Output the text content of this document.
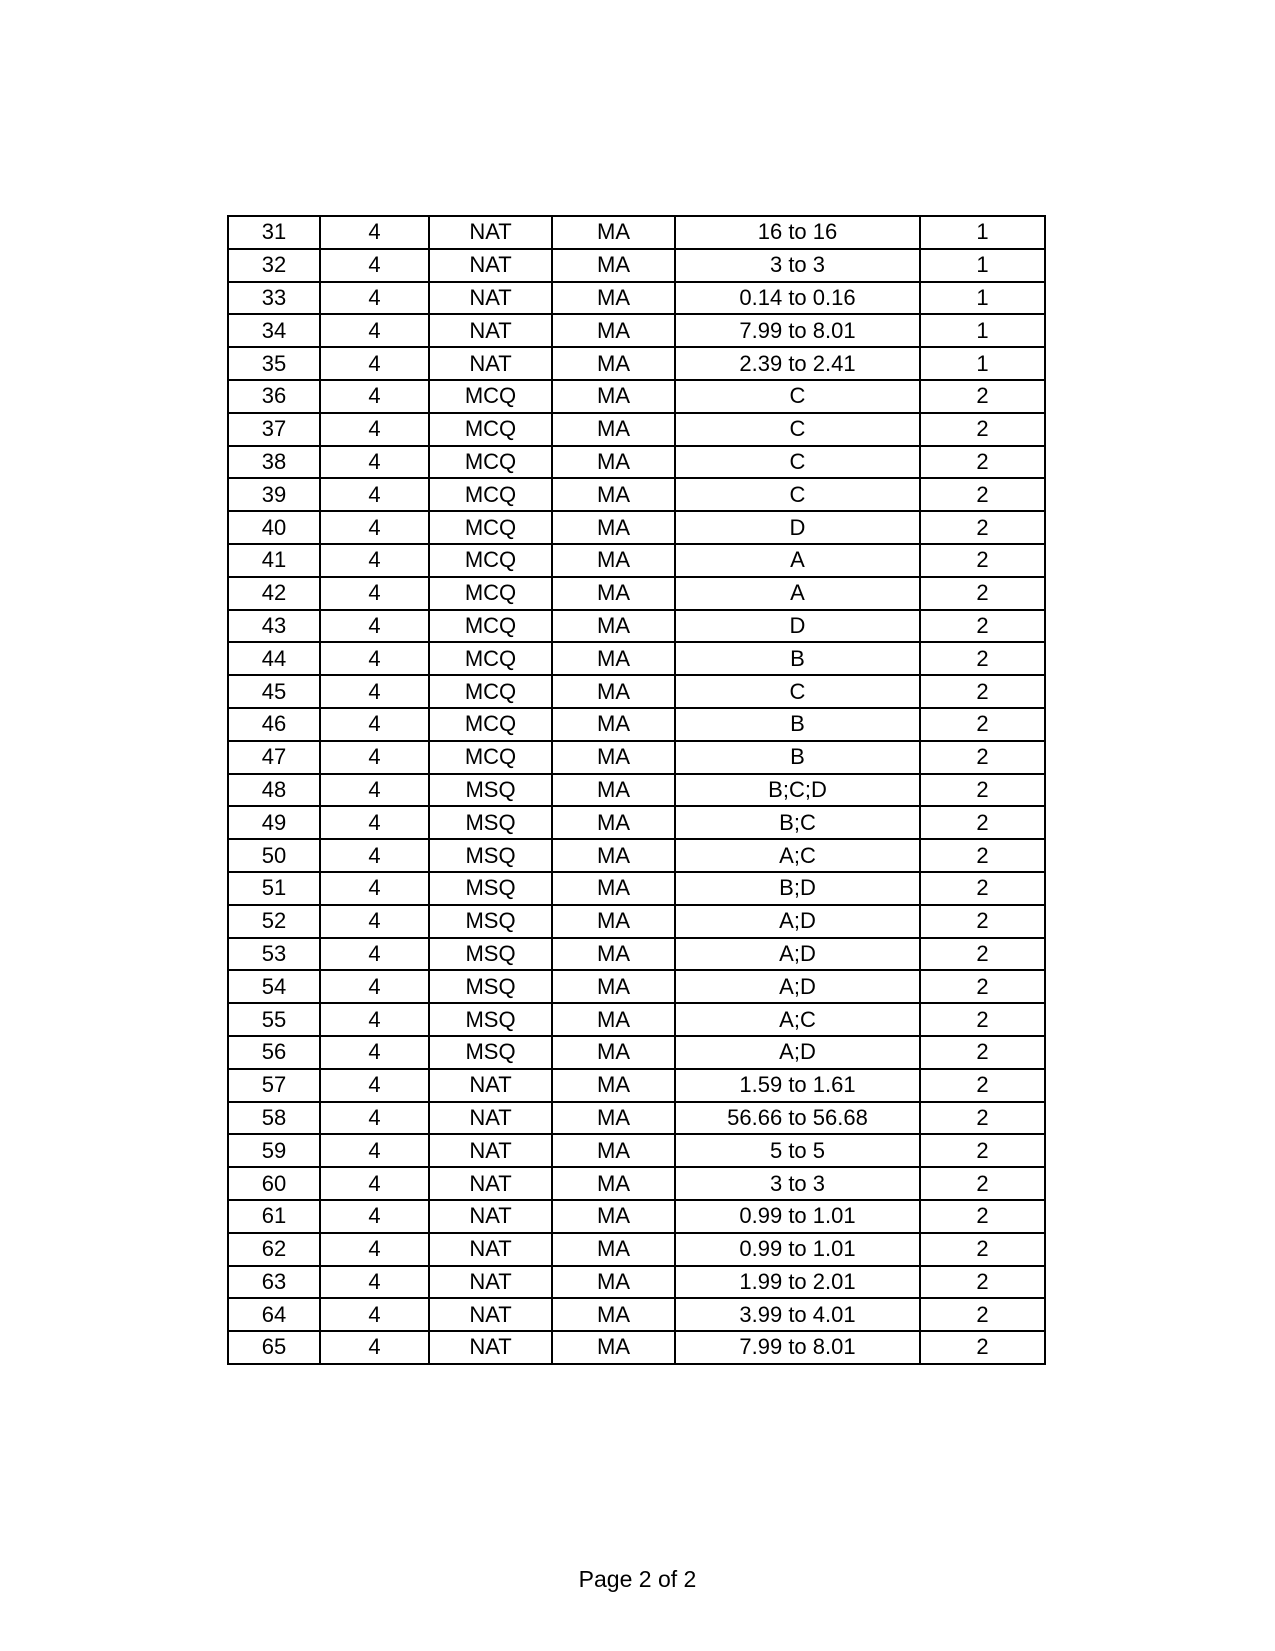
31	4	NAT	MA	16 to 16	1
32	4	NAT	MA	3 to 3	1
33	4	NAT	MA	0.14 to 0.16	1
34	4	NAT	MA	7.99 to 8.01	1
35	4	NAT	MA	2.39 to 2.41	1
36	4	MCQ	MA	C	2
37	4	MCQ	MA	C	2
38	4	MCQ	MA	C	2
39	4	MCQ	MA	C	2
40	4	MCQ	MA	D	2
41	4	MCQ	MA	A	2
42	4	MCQ	MA	A	2
43	4	MCQ	MA	D	2
44	4	MCQ	MA	B	2
45	4	MCQ	MA	C	2
46	4	MCQ	MA	B	2
47	4	MCQ	MA	B	2
48	4	MSQ	MA	B;C;D	2
49	4	MSQ	MA	B;C	2
50	4	MSQ	MA	A;C	2
51	4	MSQ	MA	B;D	2
52	4	MSQ	MA	A;D	2
53	4	MSQ	MA	A;D	2
54	4	MSQ	MA	A;D	2
55	4	MSQ	MA	A;C	2
56	4	MSQ	MA	A;D	2
57	4	NAT	MA	1.59 to 1.61	2
58	4	NAT	MA	56.66 to 56.68	2
59	4	NAT	MA	5 to 5	2
60	4	NAT	MA	3 to 3	2
61	4	NAT	MA	0.99 to 1.01	2
62	4	NAT	MA	0.99 to 1.01	2
63	4	NAT	MA	1.99 to 2.01	2
64	4	NAT	MA	3.99 to 4.01	2
65	4	NAT	MA	7.99 to 8.01	2
Page 2 of 2
